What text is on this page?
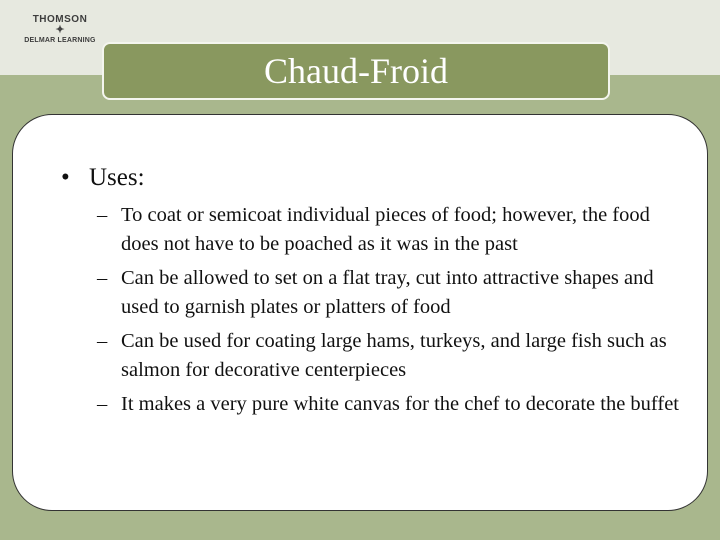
THOMSON
✦
DELMAR LEARNING
Chaud-Froid
• Uses:
– To coat or semicoat individual pieces of food; however, the food does not have to be poached as it was in the past
– Can be allowed to set on a flat tray, cut into attractive shapes and used to garnish plates or platters of food
– Can be used for coating large hams, turkeys, and large fish such as salmon for decorative centerpieces
– It makes a very pure white canvas for the chef to decorate the buffet
